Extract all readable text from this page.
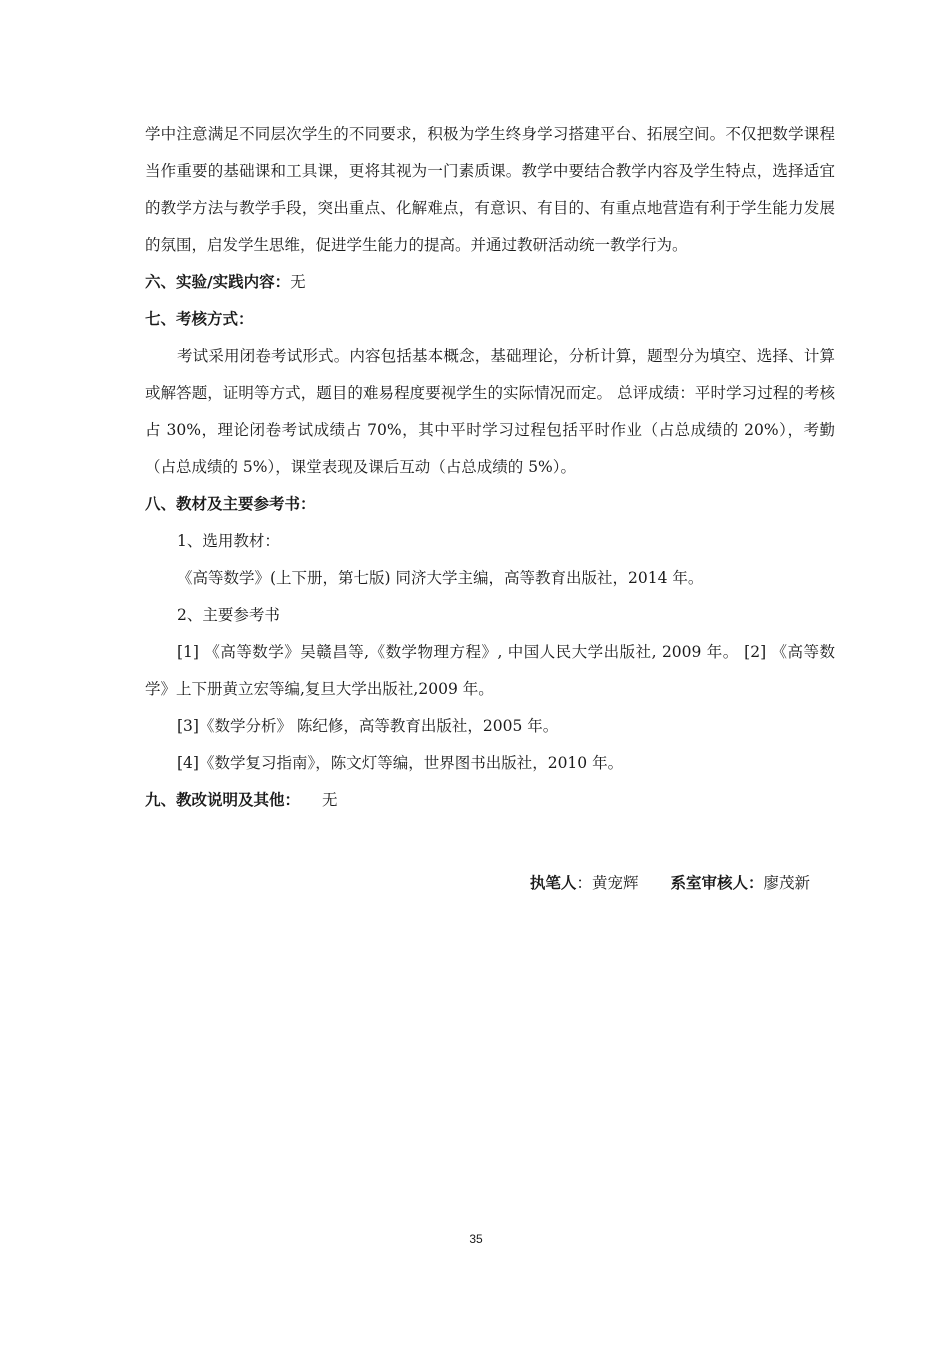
学中注意满足不同层次学生的不同要求，积极为学生终身学习搭建平台、拓展空间。不仅把数学课程当作重要的基础课和工具课，更将其视为一门素质课。教学中要结合教学内容及学生特点，选择适宜的教学方法与教学手段，突出重点、化解难点，有意识、有目的、有重点地营造有利于学生能力发展的氛围，启发学生思维，促进学生能力的提高。并通过教研活动统一教学行为。

六、实验/实践内容：无

七、考核方式：

考试采用闭卷考试形式。内容包括基本概念，基础理论，分析计算，题型分为填空、选择、计算或解答题，证明等方式，题目的难易程度要视学生的实际情况而定。 总评成绩：平时学习过程的考核占 30%，理论闭卷考试成绩占 70%，其中平时学习过程包括平时作业（占总成绩的 20%），考勤（占总成绩的 5%），课堂表现及课后互动（占总成绩的 5%）。

八、教材及主要参考书：

1、选用教材：

《高等数学》(上下册，第七版) 同济大学主编，高等教育出版社，2014 年。

2、主要参考书

[1] 《高等数学》吴赣昌等,《数学物理方程》, 中国人民大学出版社, 2009 年。 [2] 《高等数学》上下册黄立宏等编,复旦大学出版社,2009 年。

[3]《数学分析》 陈纪修，高等教育出版社，2005 年。

[4]《数学复习指南》，陈文灯等编，世界图书出版社，2010 年。

九、教改说明及其他： 无

执笔人：黄宠辉 系室审核人：廖茂新
35
